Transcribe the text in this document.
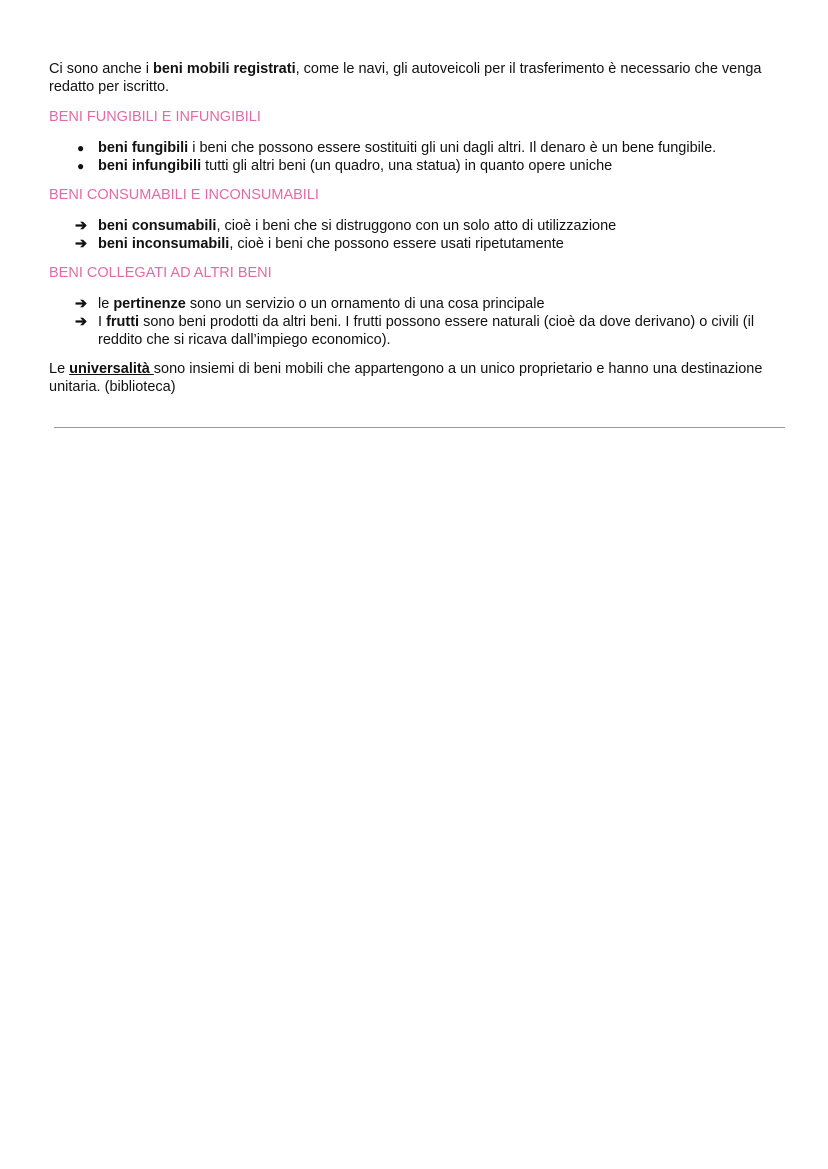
Ci sono anche i beni mobili registrati, come le navi, gli autoveicoli per il trasferimento è necessario che venga redatto per iscritto.

BENI FUNGIBILI E INFUNGIBILI

● beni fungibili i beni che possono essere sostituiti gli uni dagli altri. Il denaro è un bene fungibile.
● beni infungibili tutti gli altri beni (un quadro, una statua) in quanto opere uniche

BENI CONSUMABILI E INCONSUMABILI

➔ beni consumabili, cioè i beni che si distruggono con un solo atto di utilizzazione
➔ beni inconsumabili, cioè i beni che possono essere usati ripetutamente

BENI COLLEGATI AD ALTRI BENI

➔ le pertinenze sono un servizio o un ornamento di una cosa principale
➔ I frutti sono beni prodotti da altri beni. I frutti possono essere naturali (cioè da dove derivano) o civili (il reddito che si ricava dall’impiego economico).

Le universalità sono insiemi di beni mobili che appartengono a un unico proprietario e hanno una destinazione unitaria. (biblioteca)
